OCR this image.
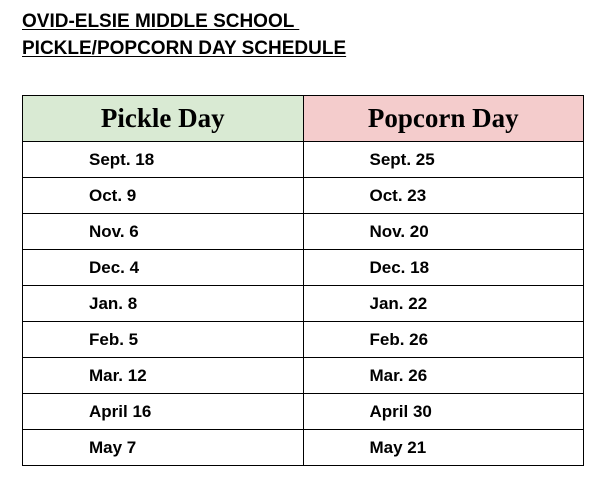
OVID-ELSIE MIDDLE SCHOOL
PICKLE/POPCORN DAY SCHEDULE
Pickle Day	Popcorn Day
Sept. 18	Sept. 25
Oct. 9	Oct. 23
Nov. 6	Nov. 20
Dec. 4	Dec. 18
Jan. 8	Jan. 22
Feb. 5	Feb. 26
Mar. 12	Mar. 26
April 16	April 30
May 7	May 21
